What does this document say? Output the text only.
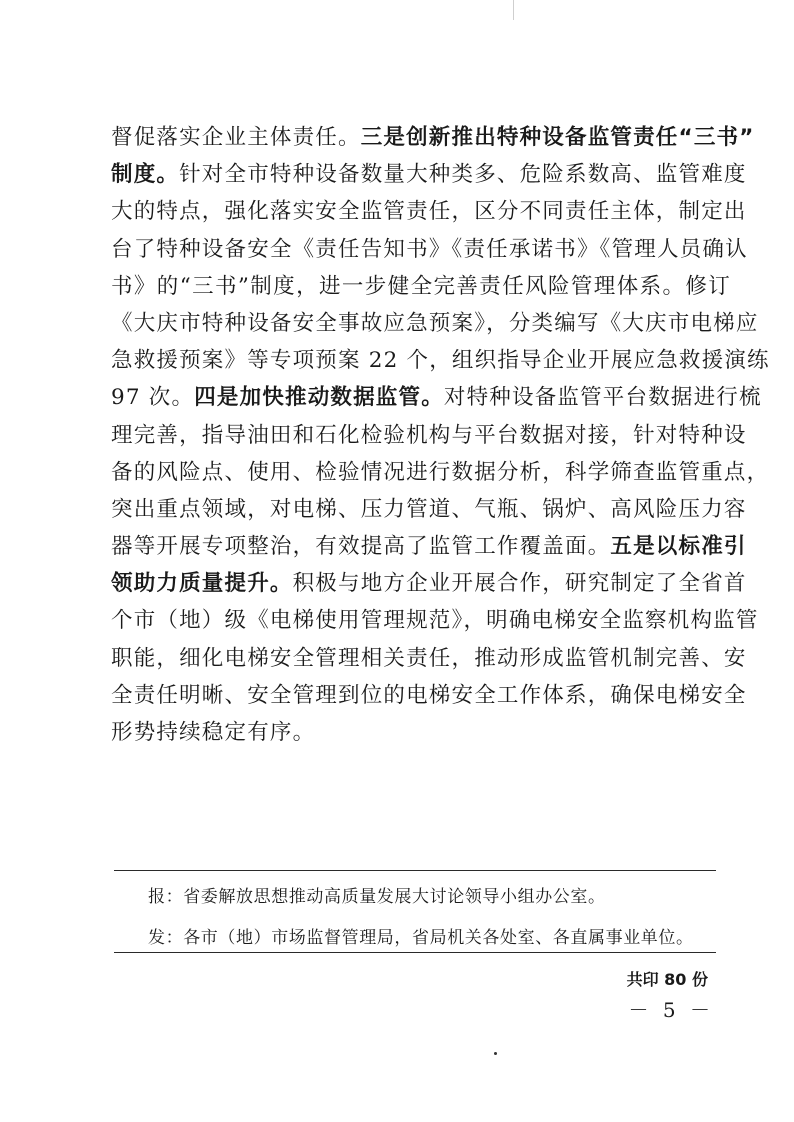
督促落实企业主体责任。三是创新推出特种设备监管责任“三书”
制度。针对全市特种设备数量大种类多、危险系数高、监管难度
大的特点，强化落实安全监管责任，区分不同责任主体，制定出
台了特种设备安全《责任告知书》《责任承诺书》《管理人员确认
书》的“三书”制度，进一步健全完善责任风险管理体系。修订
《大庆市特种设备安全事故应急预案》，分类编写《大庆市电梯应
急救援预案》等专项预案 22 个，组织指导企业开展应急救援演练
97 次。四是加快推动数据监管。对特种设备监管平台数据进行梳
理完善，指导油田和石化检验机构与平台数据对接，针对特种设
备的风险点、使用、检验情况进行数据分析，科学筛查监管重点，
突出重点领域，对电梯、压力管道、气瓶、锅炉、高风险压力容
器等开展专项整治，有效提高了监管工作覆盖面。五是以标准引
领助力质量提升。积极与地方企业开展合作，研究制定了全省首
个市（地）级《电梯使用管理规范》，明确电梯安全监察机构监管
职能，细化电梯安全管理相关责任，推动形成监管机制完善、安
全责任明晰、安全管理到位的电梯安全工作体系，确保电梯安全
形势持续稳定有序。
报：省委解放思想推动高质量发展大讨论领导小组办公室。
发：各市（地）市场监督管理局，省局机关各处室、各直属事业单位。
共印 80 份
－ 5 －
